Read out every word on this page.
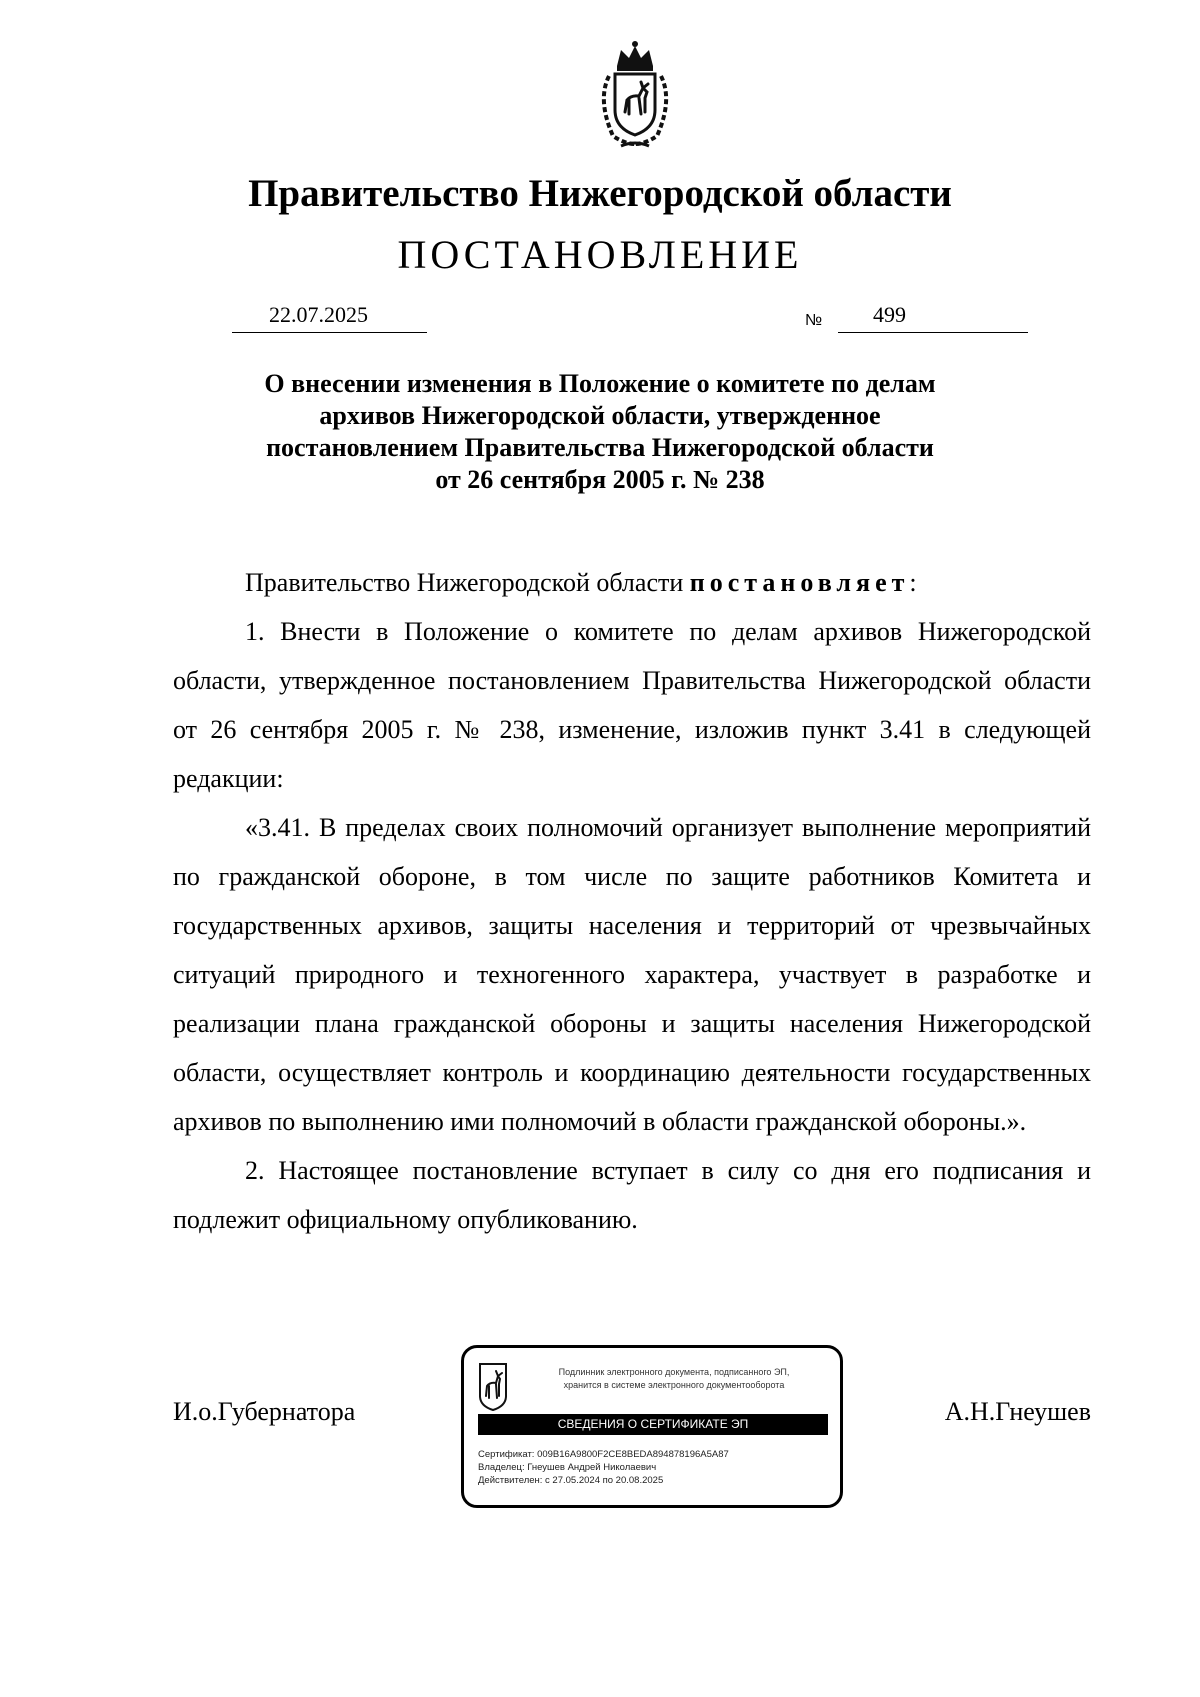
Правительство Нижегородской области
ПОСТАНОВЛЕНИЕ
22.07.2025	№ 499
О внесении изменения в Положение о комитете по делам
архивов Нижегородской области, утвержденное
постановлением Правительства Нижегородской области
от 26 сентября 2005 г. № 238

Правительство Нижегородской области постановляет:

1. Внести в Положение о комитете по делам архивов Нижегородской области, утвержденное постановлением Правительства Нижегородской области от 26 сентября 2005 г. № 238, изменение, изложив пункт 3.41 в следующей редакции:

«3.41. В пределах своих полномочий организует выполнение мероприятий по гражданской обороне, в том числе по защите работников Комитета и государственных архивов, защиты населения и территорий от чрезвычайных ситуаций природного и техногенного характера, участвует в разработке и реализации плана гражданской обороны и защиты населения Нижегородской области, осуществляет контроль и координацию деятельности государственных архивов по выполнению ими полномочий в области гражданской обороны.».

2. Настоящее постановление вступает в силу со дня его подписания и подлежит официальному опубликованию.

И.о.Губернатора	А.Н.Гнеушев
Подлинник электронного документа, подписанного ЭП,
хранится в системе электронного документооборота
СВЕДЕНИЯ О СЕРТИФИКАТЕ ЭП
Сертификат: 009B16A9800F2CE8BEDA894878196A5A87
Владелец: Гнеушев Андрей Николаевич
Действителен: с 27.05.2024 по 20.08.2025
